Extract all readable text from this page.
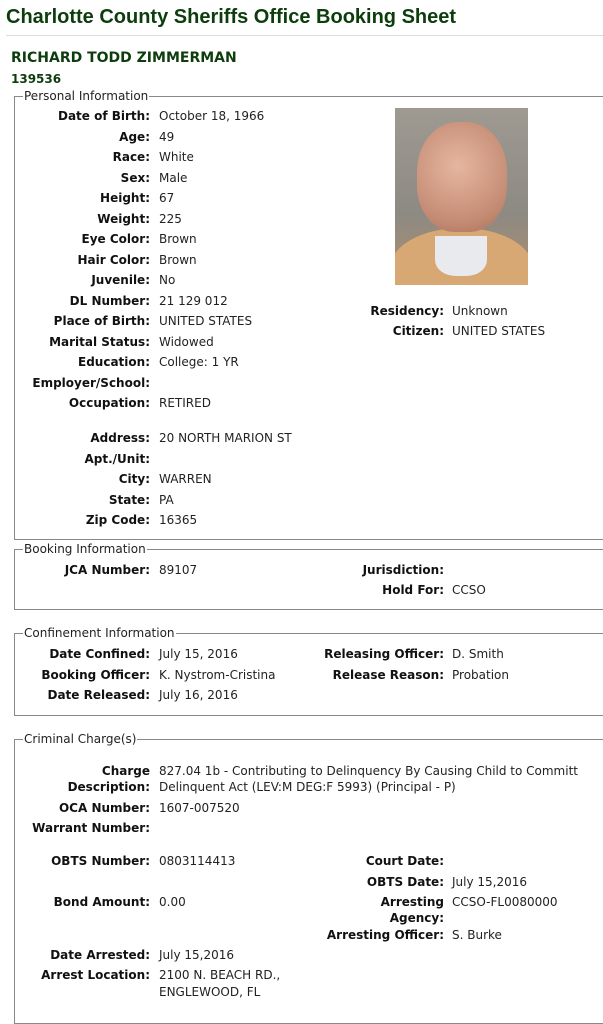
Charlotte County Sheriffs Office Booking Sheet
RICHARD TODD ZIMMERMAN
139536
Personal Information
Date of Birth: October 18, 1966
Age: 49
Race: White
Sex: Male
Height: 67
Weight: 225
Eye Color: Brown
Hair Color: Brown
Juvenile: No
DL Number: 21 129 012
Place of Birth: UNITED STATES
Marital Status: Widowed
Education: College: 1 YR
Employer/School:
Occupation: RETIRED
Address: 20 NORTH MARION ST
Apt./Unit:
City: WARREN
State: PA
Zip Code: 16365
Residency: Unknown
Citizen: UNITED STATES
Booking Information
JCA Number: 89107	Jurisdiction:
Hold For: CCSO
Confinement Information
Date Confined: July 15, 2016
Booking Officer: K. Nystrom-Cristina
Date Released: July 16, 2016
Releasing Officer: D. Smith
Release Reason: Probation
Criminal Charge(s)
Charge
Description:
827.04 1b - Contributing to Delinquency By Causing Child to Committ
Delinquent Act (LEV:M DEG:F 5993) (Principal - P)
OCA Number: 1607-007520
Warrant Number:
OBTS Number: 0803114413
Bond Amount: 0.00
Court Date:
OBTS Date: July 15,2016
Arresting
Agency:
CCSO-FL0080000
Arresting Officer: S. Burke
Date Arrested: July 15,2016
Arrest Location: 2100 N. BEACH RD.,
ENGLEWOOD, FL
